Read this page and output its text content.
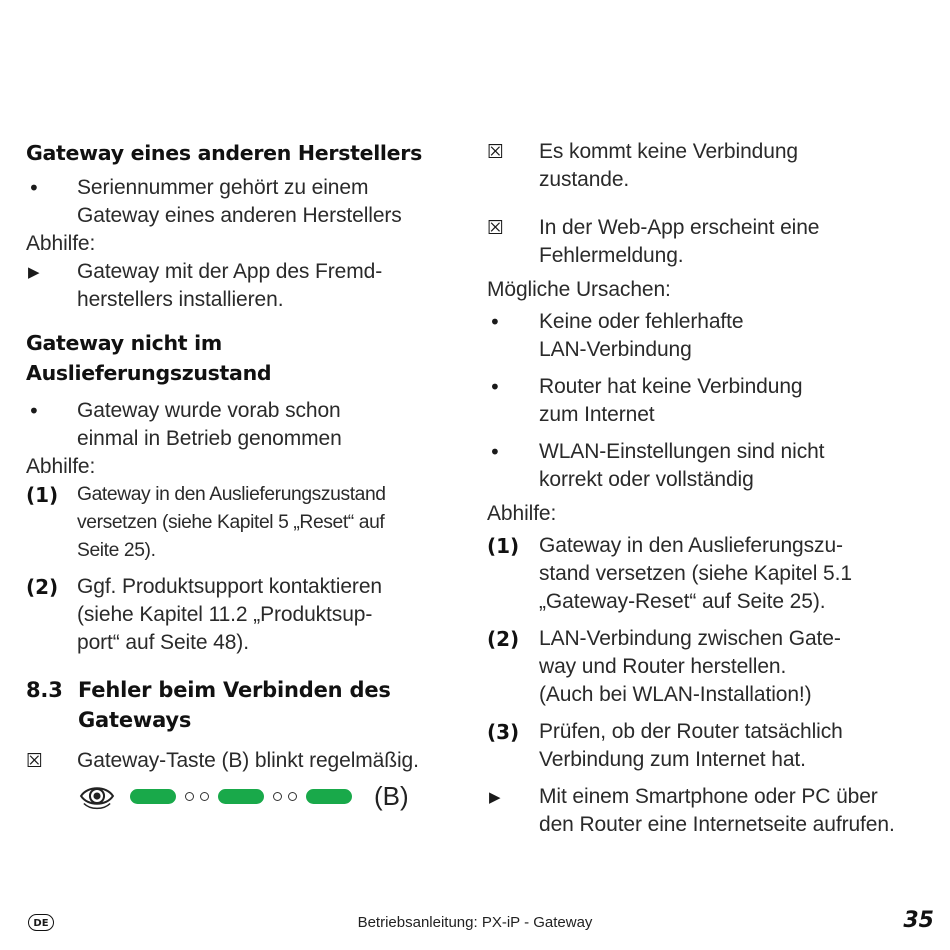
Gateway eines anderen Herstellers
•	Seriennummer gehört zu einem
Gateway eines anderen Herstellers
Abhilfe:
▶	Gateway mit der App des Fremd-
herstellers installieren.
Gateway nicht im Auslieferungszustand
•	Gateway wurde vorab schon
einmal in Betrieb genommen
Abhilfe:
(1) Gateway in den Auslieferungszustand
versetzen (siehe Kapitel 5 „Reset“ auf
Seite 25).
(2) Ggf. Produktsupport kontaktieren
(siehe Kapitel 11.2 „Produktsup-
port“ auf Seite 48).
8.3 Fehler beim Verbinden des
Gateways
☒	Gateway-Taste (B) blinkt regelmäßig.
(B)
☒	Es kommt keine Verbindung
zustande.
☒	In der Web-App erscheint eine
Fehlermeldung.
Mögliche Ursachen:
•	Keine oder fehlerhafte
LAN-Verbindung
•	Router hat keine Verbindung
zum Internet
•	WLAN-Einstellungen sind nicht
korrekt oder vollständig
Abhilfe:
(1) Gateway in den Auslieferungszu-
stand versetzen (siehe Kapitel 5.1
„Gateway-Reset“ auf Seite 25).
(2) LAN-Verbindung zwischen Gate-
way und Router herstellen.
(Auch bei WLAN-Installation!)
(3) Prüfen, ob der Router tatsächlich
Verbindung zum Internet hat.
▶	Mit einem Smartphone oder PC über
den Router eine Internetseite aufrufen.
DE	Betriebsanleitung: PX-iP - Gateway	35
